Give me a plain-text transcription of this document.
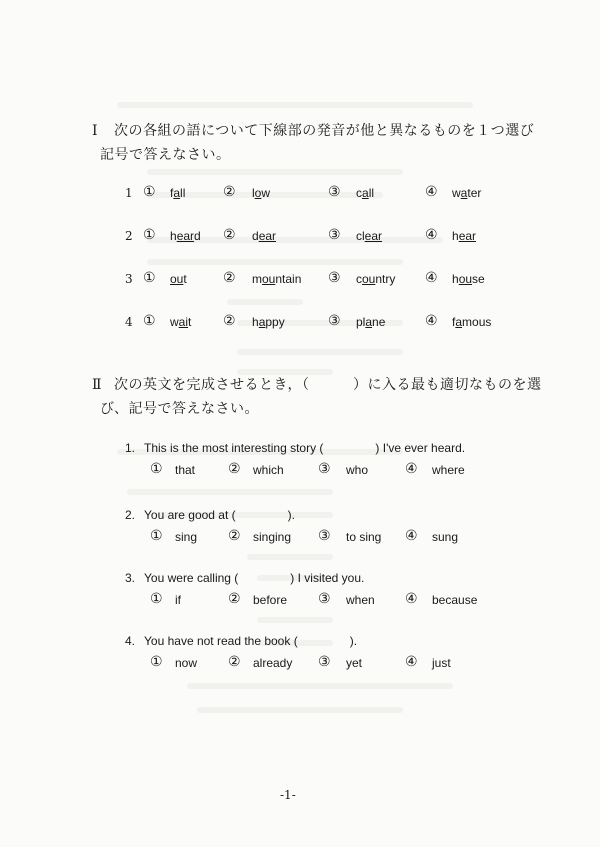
Ⅰ 次の各組の語について下線部の発音が他と異なるものを１つ選び
記号で答えなさい。
1 ① fall	② low	③ call	④ water
2 ① heard ② dear	③ clear	④ hear
3 ① out	② mountain ③ country ④ house
4 ① wait ② happy	③ plane	④ famous
Ⅱ 次の英文を完成させるとき，（　　　）に入る最も適切なものを選
び、記号で答えなさい。
1. This is the most interesting story (	) I've ever heard.
① that ② which ③ who	④ where
2. You are good at (	).
① sing ② singing ③ to sing ④ sung
3. You were calling (	) I visited you.
① if	② before ③ when ④ because
4. You have not read the book (	).
① now ② already ③ yet	④ just
-1-
